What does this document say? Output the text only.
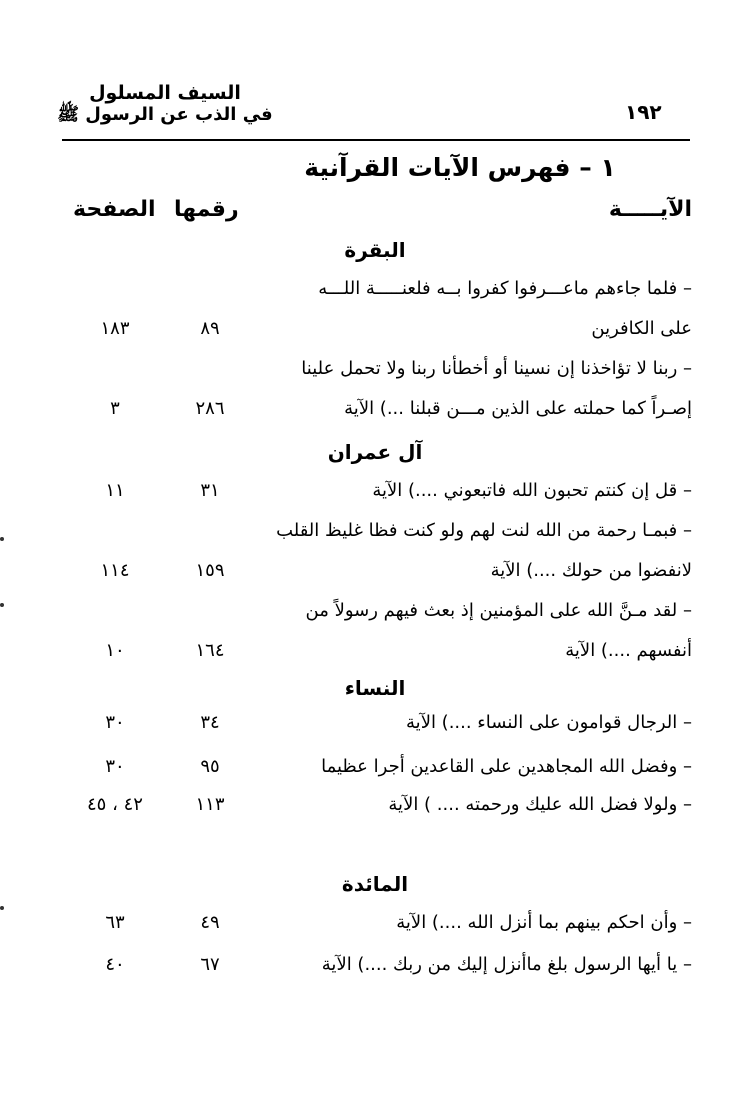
السيف المسلول
في الذب عن الرسول ﷺ	١٩٢
١ – فهرس الآيات القرآنية
الآيـــــة
رقمها
الصفحة
البقرة
– فلما جاءهم ماعـــرفوا كفروا بــه فلعنـــــة اللـــه
على الكافرين
٨٩
١٨٣
– ربنا لا تؤاخذنا إن نسينا أو أخطأنا ربنا ولا تحمل علينا
إصـراً كما حملته على الذين مـــن قبلنا ...) الآية
٢٨٦
٣
آل عمران
– قل إن كنتم تحبون الله فاتبعوني ....) الآية
٣١
١١
– فبمـا رحمة من الله لنت لهم ولو كنت فظا غليظ القلب
لانفضوا من حولك ....) الآية
١٥٩
١١٤
– لقد مـنَّ الله على المؤمنين إذ بعث فيهم رسولاً من
أنفسهم ....) الآية
١٦٤
١٠
النساء
– الرجال قوامون على النساء ....) الآية
٣٤
٣٠
– وفضل الله المجاهدين على القاعدين أجرا عظيما
٩٥
٣٠
– ولولا فضل الله عليك ورحمته .... ) الآية
١١٣
٤٢ ، ٤٥
المائدة
– وأن احكم بينهم بما أنزل الله ....) الآية
٤٩
٦٣
– يا أيها الرسول بلغ ماأنزل إليك من ربك ....) الآية
٦٧
٤٠
